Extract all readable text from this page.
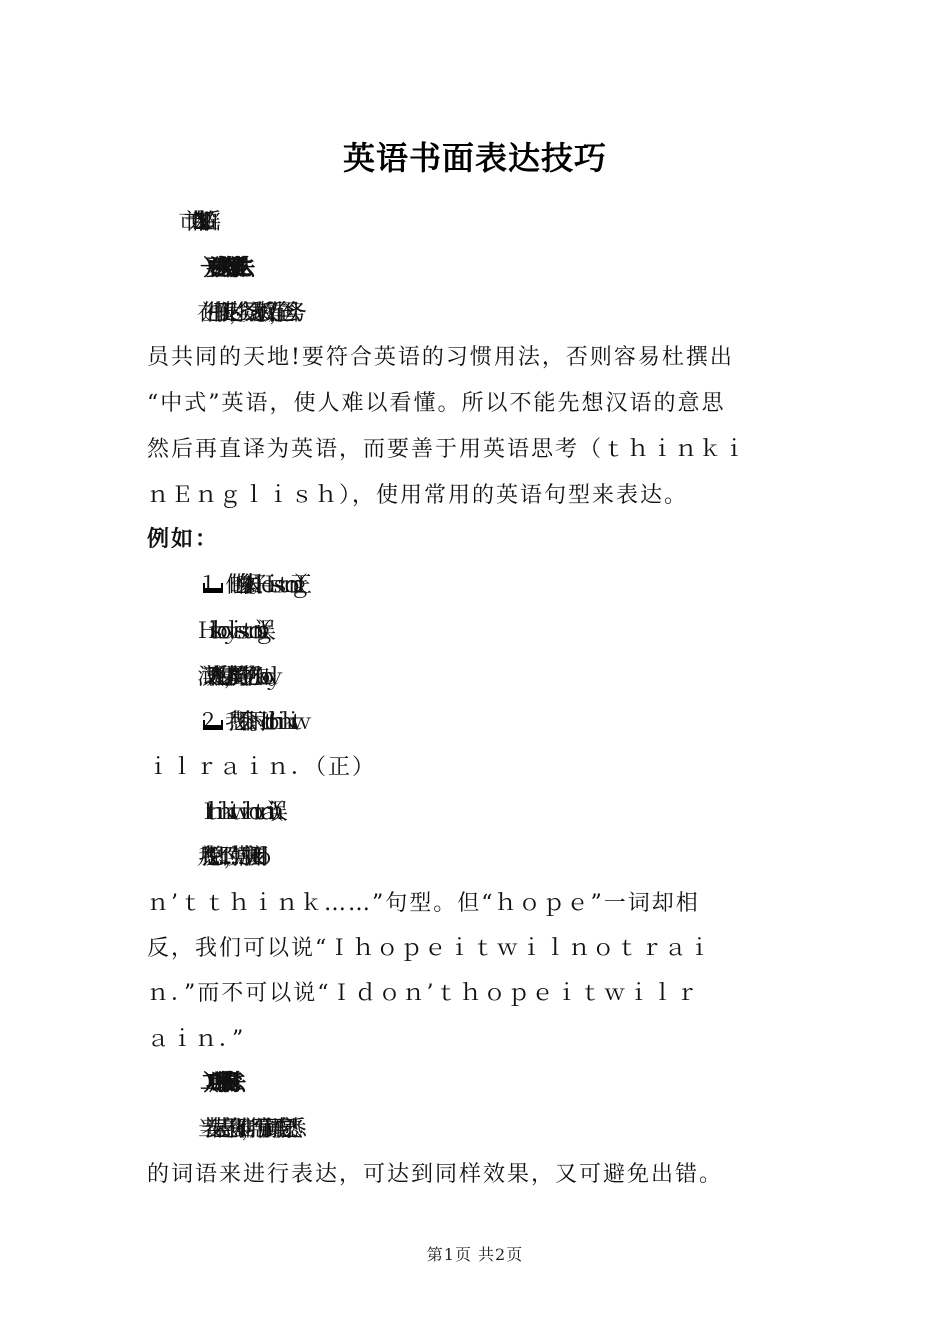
英语书面表达技巧
XX 市二十九中邹伯瑶
（一）要注意英语习惯表达法
在进行书面表达时，公务员之家版权所有，全国公务
员共同的天地!要符合英语的习惯用法，否则容易杜撰出
“中式”英语，使人难以看懂。所以不能先想汉语的意思
然后再直译为英语，而要善于用英语思考（ｔｈｉｎｋｉ
ｎＥｎｇｌｉｓｈ），使用常用的英语句型来表达。
例如：
１ 他的身体很好。Ｈｅｉｓｓｔｒｏｎｇ．（正）
Ｈｉｓｂｏｄｙｉｓｓｔｒｏｎｇ．（误）
汉语说“某人的身体强弱”，英语中不必加ｂｏｄｙ。
２ 我想不会下雨。Ｉｄｏｎ’ｔｔｈｉｎｋｉｔｗ
ｉｌｒａｉｎ．（正）
Ｉｔｈｉｎｋｉｔｗｉｌｎｏｔｒａｉｎ．（误）
凡说“我想……不……”时，英语中应该用“Ｉｄｏ
ｎ’ｔｔｈｉｎｋ……”句型。但“ｈｏｐｅ”一词却相
反，我们可以说“Ｉｈｏｐｅｉｔｗｉｌｎｏｔｒａｉ
ｎ．”而不可以说“Ｉｄｏｎ’ｔｈｏｐｅｉｔｗｉｌｒ
ａｉｎ．”
（二）巧用思维拐弯法
当表达某一意思有困难时，巧用常用词语或自己熟悉
的词语来进行表达，可达到同样效果，又可避免出错。
第1页 共2页
